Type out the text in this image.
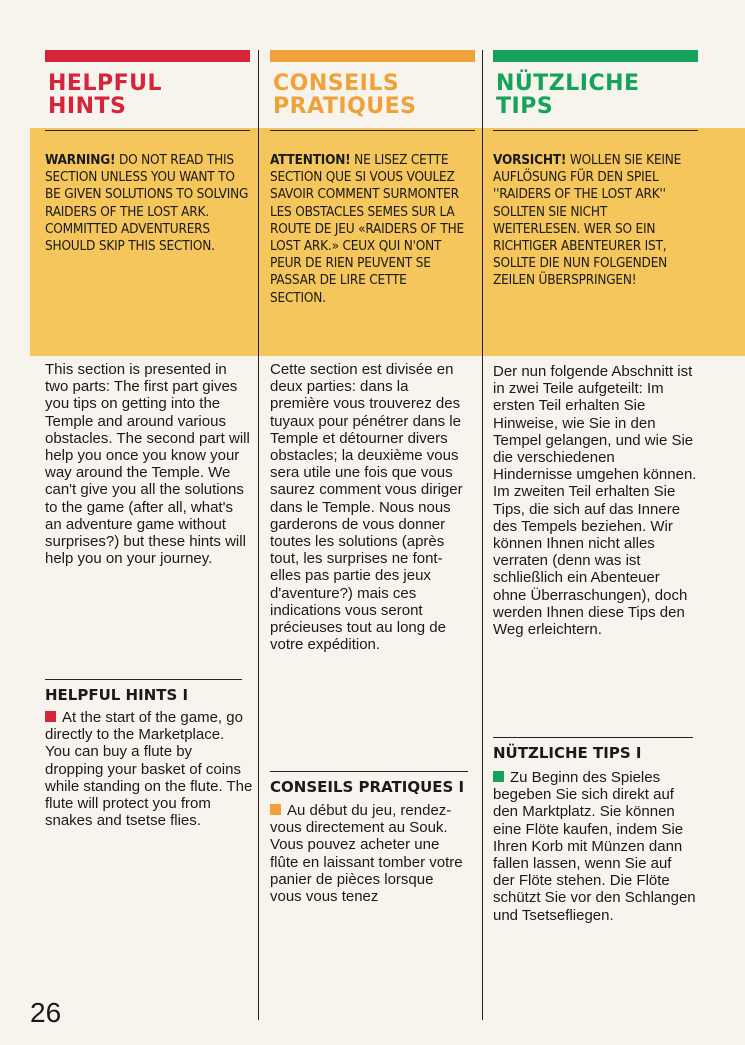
HELPFUL HINTS

WARNING! DO NOT READ THIS SECTION UNLESS YOU WANT TO BE GIVEN SOLUTIONS TO SOLVING RAIDERS OF THE LOST ARK. COMMITTED ADVENTURERS SHOULD SKIP THIS SECTION.

This section is presented in two parts: The first part gives you tips on getting into the Temple and around various obstacles. The second part will help you once you know your way around the Temple. We can't give you all the solutions to the game (after all, what's an adventure game without surprises?) but these hints will help you on your journey.

HELPFUL HINTS I

At the start of the game, go directly to the Marketplace. You can buy a flute by dropping your basket of coins while standing on the flute. The flute will protect you from snakes and tsetse flies.

CONSEILS PRATIQUES

ATTENTION! NE LISEZ CETTE SECTION QUE SI VOUS VOULEZ SAVOIR COMMENT SURMONTER LES OBSTACLES SEMES SUR LA ROUTE DE JEU «RAIDERS OF THE LOST ARK.» CEUX QUI N'ONT PEUR DE RIEN PEUVENT SE PASSAR DE LIRE CETTE SECTION.

Cette section est divisée en deux parties: dans la première vous trouverez des tuyaux pour pénétrer dans le Temple et détourner divers obstacles; la deuxième vous sera utile une fois que vous saurez comment vous diriger dans le Temple. Nous nous garderons de vous donner toutes les solutions (après tout, les surprises ne font-elles pas partie des jeux d'aventure?) mais ces indications vous seront précieuses tout au long de votre expédition.

CONSEILS PRATIQUES I

Au début du jeu, rendez-vous directement au Souk. Vous pouvez acheter une flûte en laissant tomber votre panier de pièces lorsque vous vous tenez

NÜTZLICHE TIPS

VORSICHT! WOLLEN SIE KEINE AUFLÖSUNG FÜR DEN SPIEL ''RAIDERS OF THE LOST ARK'' SOLLTEN SIE NICHT WEITERLESEN. WER SO EIN RICHTIGER ABENTEURER IST, SOLLTE DIE NUN FOLGENDEN ZEILEN ÜBERSPRINGEN!

Der nun folgende Abschnitt ist in zwei Teile aufgeteilt: Im ersten Teil erhalten Sie Hinweise, wie Sie in den Tempel gelangen, und wie Sie die verschiedenen Hindernisse umgehen können. Im zweiten Teil erhalten Sie Tips, die sich auf das Innere des Tempels beziehen. Wir können Ihnen nicht alles verraten (denn was ist schließlich ein Abenteuer ohne Überraschungen), doch werden Ihnen diese Tips den Weg erleichtern.

NÜTZLICHE TIPS I

Zu Beginn des Spieles begeben Sie sich direkt auf den Marktplatz. Sie können eine Flöte kaufen, indem Sie Ihren Korb mit Münzen dann fallen lassen, wenn Sie auf der Flöte stehen. Die Flöte schützt Sie vor den Schlangen und Tsetsefliegen.

26
